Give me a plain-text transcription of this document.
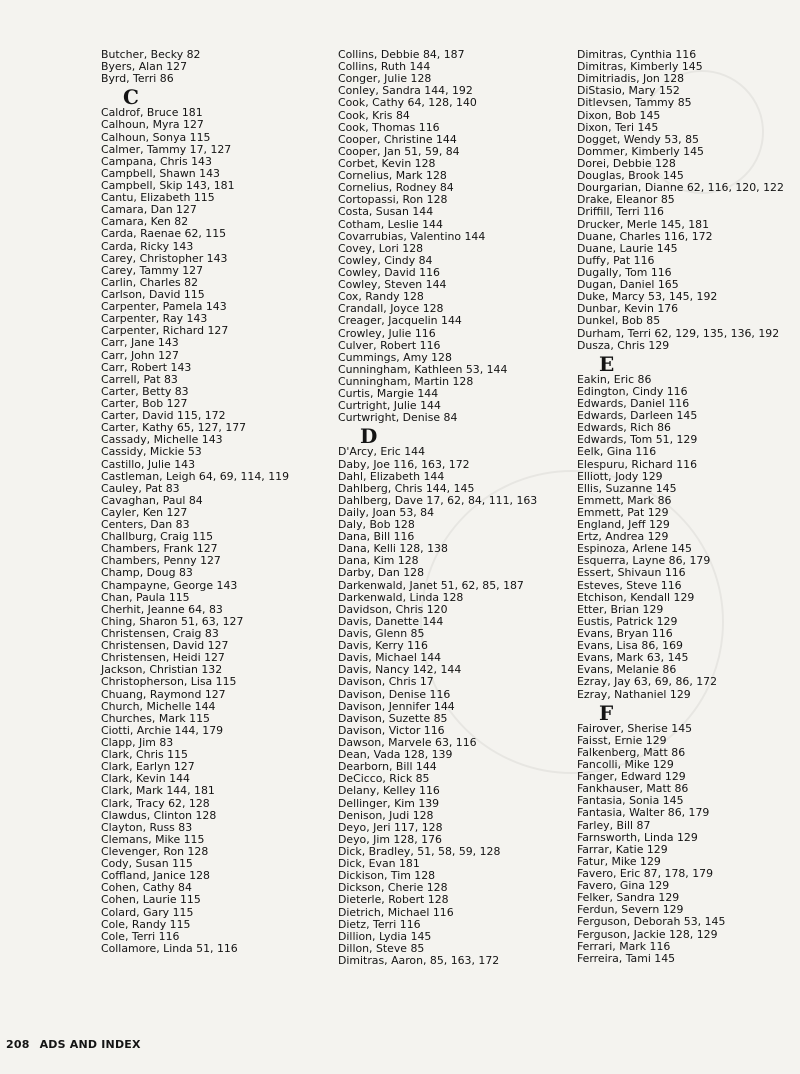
Butcher, Becky 82
Byers, Alan 127
Byrd, Terri 86
C
Caldrof, Bruce 181
Calhoun, Myra 127
Calhoun, Sonya 115
Calmer, Tammy 17, 127
Campana, Chris 143
Campbell, Shawn 143
Campbell, Skip 143, 181
Cantu, Elizabeth 115
Camara, Dan 127
Camara, Ken 82
Carda, Raenae 62, 115
Carda, Ricky 143
Carey, Christopher 143
Carey, Tammy 127
Carlin, Charles 82
Carlson, David 115
Carpenter, Pamela 143
Carpenter, Ray 143
Carpenter, Richard 127
Carr, Jane 143
Carr, John 127
Carr, Robert 143
Carrell, Pat 83
Carter, Betty 83
Carter, Bob 127
Carter, David 115, 172
Carter, Kathy 65, 127, 177
Cassady, Michelle 143
Cassidy, Mickie 53
Castillo, Julie 143
Castleman, Leigh 64, 69, 114, 119
Cauley, Pat 83
Cavaghan, Paul 84
Cayler, Ken 127
Centers, Dan 83
Challburg, Craig 115
Chambers, Frank 127
Chambers, Penny 127
Champ, Doug 83
Champayne, George 143
Chan, Paula 115
Cherhit, Jeanne 64, 83
Ching, Sharon 51, 63, 127
Christensen, Craig 83
Christensen, David 127
Christensen, Heidi 127
Jackson, Christian 132
Christopherson, Lisa 115
Chuang, Raymond 127
Church, Michelle 144
Churches, Mark 115
Ciotti, Archie 144, 179
Clapp, Jim 83
Clark, Chris 115
Clark, Earlyn 127
Clark, Kevin 144
Clark, Mark 144, 181
Clark, Tracy 62, 128
Clawdus, Clinton 128
Clayton, Russ 83
Clemans, Mike 115
Clevenger, Ron 128
Cody, Susan 115
Coffland, Janice 128
Cohen, Cathy 84
Cohen, Laurie 115
Colard, Gary 115
Cole, Randy 115
Cole, Terri 116
Collamore, Linda 51, 116
Collins, Debbie 84, 187
Collins, Ruth 144
Conger, Julie 128
Conley, Sandra 144, 192
Cook, Cathy 64, 128, 140
Cook, Kris 84
Cook, Thomas 116
Cooper, Christine 144
Cooper, Jan 51, 59, 84
Corbet, Kevin 128
Cornelius, Mark 128
Cornelius, Rodney 84
Cortopassi, Ron 128
Costa, Susan 144
Cotham, Leslie 144
Covarrubias, Valentino 144
Covey, Lori 128
Cowley, Cindy 84
Cowley, David 116
Cowley, Steven 144
Cox, Randy 128
Crandall, Joyce 128
Creager, Jacquelin 144
Crowley, Julie 116
Culver, Robert 116
Cummings, Amy 128
Cunningham, Kathleen 53, 144
Cunningham, Martin 128
Curtis, Margie 144
Curtright, Julie 144
Curtwright, Denise 84
D
D'Arcy, Eric 144
Daby, Joe 116, 163, 172
Dahl, Elizabeth 144
Dahlberg, Chris 144, 145
Dahlberg, Dave 17, 62, 84, 111, 163
Daily, Joan 53, 84
Daly, Bob 128
Dana, Bill 116
Dana, Kelli 128, 138
Dana, Kim 128
Darby, Dan 128
Darkenwald, Janet 51, 62, 85, 187
Darkenwald, Linda 128
Davidson, Chris 120
Davis, Danette 144
Davis, Glenn 85
Davis, Kerry 116
Davis, Michael 144
Davis, Nancy 142, 144
Davison, Chris 17
Davison, Denise 116
Davison, Jennifer 144
Davison, Suzette 85
Davison, Victor 116
Dawson, Marvele 63, 116
Dean, Vada 128, 139
Dearborn, Bill 144
DeCicco, Rick 85
Delany, Kelley 116
Dellinger, Kim 139
Denison, Judi 128
Deyo, Jeri 117, 128
Deyo, Jim 128, 176
Dick, Bradley, 51, 58, 59, 128
Dick, Evan 181
Dickison, Tim 128
Dickson, Cherie 128
Dieterle, Robert 128
Dietrich, Michael 116
Dietz, Terri 116
Dillion, Lydia 145
Dillon, Steve 85
Dimitras, Aaron, 85, 163, 172
Dimitras, Cynthia 116
Dimitras, Kimberly 145
Dimitriadis, Jon 128
DiStasio, Mary 152
Ditlevsen, Tammy 85
Dixon, Bob 145
Dixon, Teri 145
Dogget, Wendy 53, 85
Dommer, Kimberly 145
Dorei, Debbie 128
Douglas, Brook 145
Dourgarian, Dianne 62, 116, 120, 122
Drake, Eleanor 85
Driffill, Terri 116
Drucker, Merle 145, 181
Duane, Charles 116, 172
Duane, Laurie 145
Duffy, Pat 116
Dugally, Tom 116
Dugan, Daniel 165
Duke, Marcy 53, 145, 192
Dunbar, Kevin 176
Dunkel, Bob 85
Durham, Terri 62, 129, 135, 136, 192
Dusza, Chris 129
E
Eakin, Eric 86
Edington, Cindy 116
Edwards, Daniel 116
Edwards, Darleen 145
Edwards, Rich 86
Edwards, Tom 51, 129
Eelk, Gina 116
Elespuru, Richard 116
Elliott, Jody 129
Ellis, Suzanne 145
Emmett, Mark 86
Emmett, Pat 129
England, Jeff 129
Ertz, Andrea 129
Espinoza, Arlene 145
Esquerra, Layne 86, 179
Essert, Shivaun 116
Esteves, Steve 116
Etchison, Kendall 129
Etter, Brian 129
Eustis, Patrick 129
Evans, Bryan 116
Evans, Lisa 86, 169
Evans, Mark 63, 145
Evans, Melanie 86
Ezray, Jay 63, 69, 86, 172
Ezray, Nathaniel 129
F
Fairover, Sherise 145
Faisst, Ernie 129
Falkenberg, Matt 86
Fancolli, Mike 129
Fanger, Edward 129
Fankhauser, Matt 86
Fantasia, Sonia 145
Fantasia, Walter 86, 179
Farley, Bill 87
Farnsworth, Linda 129
Farrar, Katie 129
Fatur, Mike 129
Favero, Eric 87, 178, 179
Favero, Gina 129
Felker, Sandra 129
Ferdun, Severn 129
Ferguson, Deborah 53, 145
Ferguson, Jackie 128, 129
Ferrari, Mark 116
Ferreira, Tami 145
208 ADS AND INDEX
